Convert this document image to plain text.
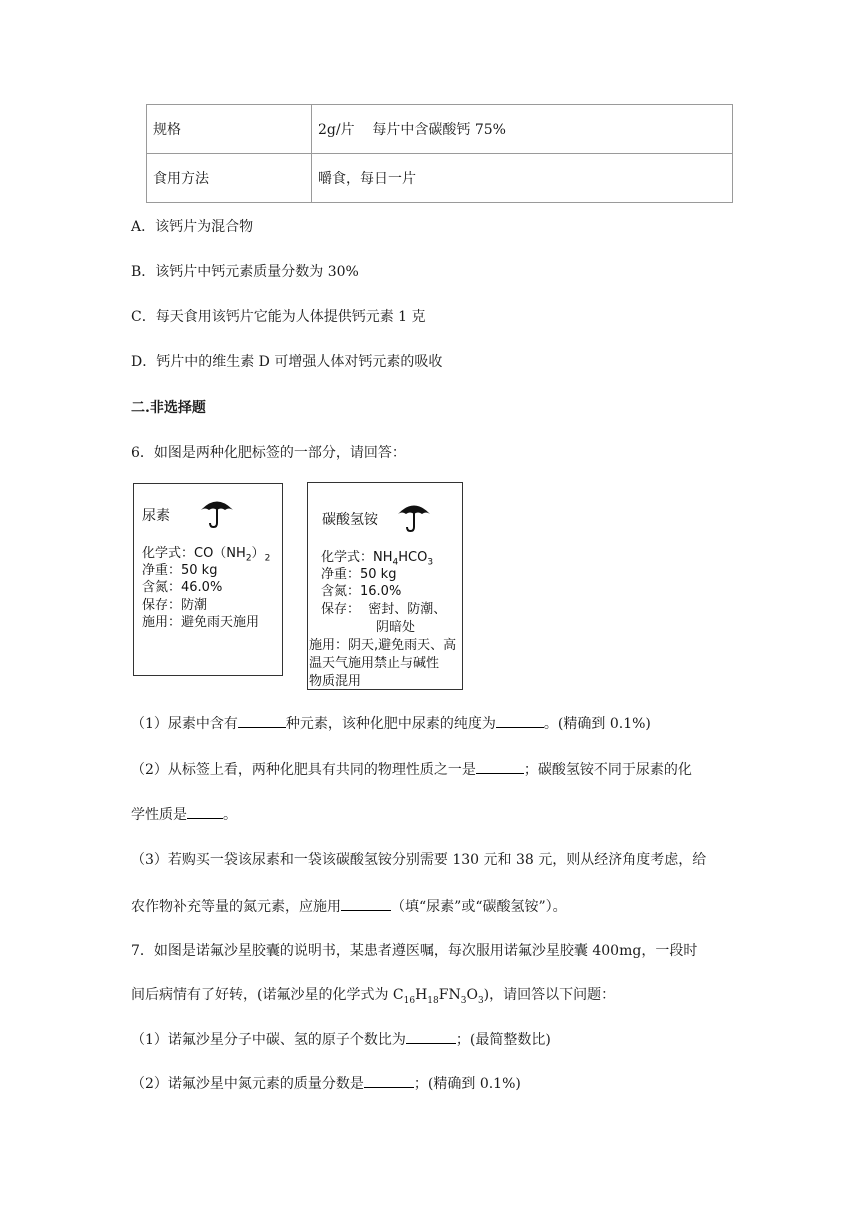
规格	2g/片    每片中含碳酸钙 75%
食用方法	嚼食，每日一片
A．该钙片为混合物
B．该钙片中钙元素质量分数为 30%
C．每天食用该钙片它能为人体提供钙元素 1 克
D．钙片中的维生素 D 可增强人体对钙元素的吸收
二.非选择题
6．如图是两种化肥标签的一部分，请回答：
尿素
化学式：$CO(NH_2)_2$
净重：50 kg
含氮：46.0%
保存：防潮
施用：避免雨天施用
碳酸氢铵
化学式：$NH_4HCO_3$
净重：50 kg
含氮：16.0%
保存：  密封、防潮、
阴暗处
施用：阴天,避免雨天、高
温天气施用禁止与碱性
物质混用
（1）尿素中含有	种元素，该种化肥中尿素的纯度为	。(精确到 0.1%)
（2）从标签上看，两种化肥具有共同的物理性质之一是	；碳酸氢铵不同于尿素的化
学性质是	。
（3）若购买一袋该尿素和一袋该碳酸氢铵分别需要 130 元和 38 元，则从经济角度考虑，给
农作物补充等量的氮元素，应施用	（填“尿素”或“碳酸氢铵”）。
7．如图是诺氟沙星胶囊的说明书，某患者遵医嘱，每次服用诺氟沙星胶囊 400mg，一段时
间后病情有了好转，(诺氟沙星的化学式为 $C_{16}H_{18}FN_3O_3$)，请回答以下问题：
（1）诺氟沙星分子中碳、氢的原子个数比为	；(最简整数比)
（2）诺氟沙星中氮元素的质量分数是	；(精确到 0.1%)
